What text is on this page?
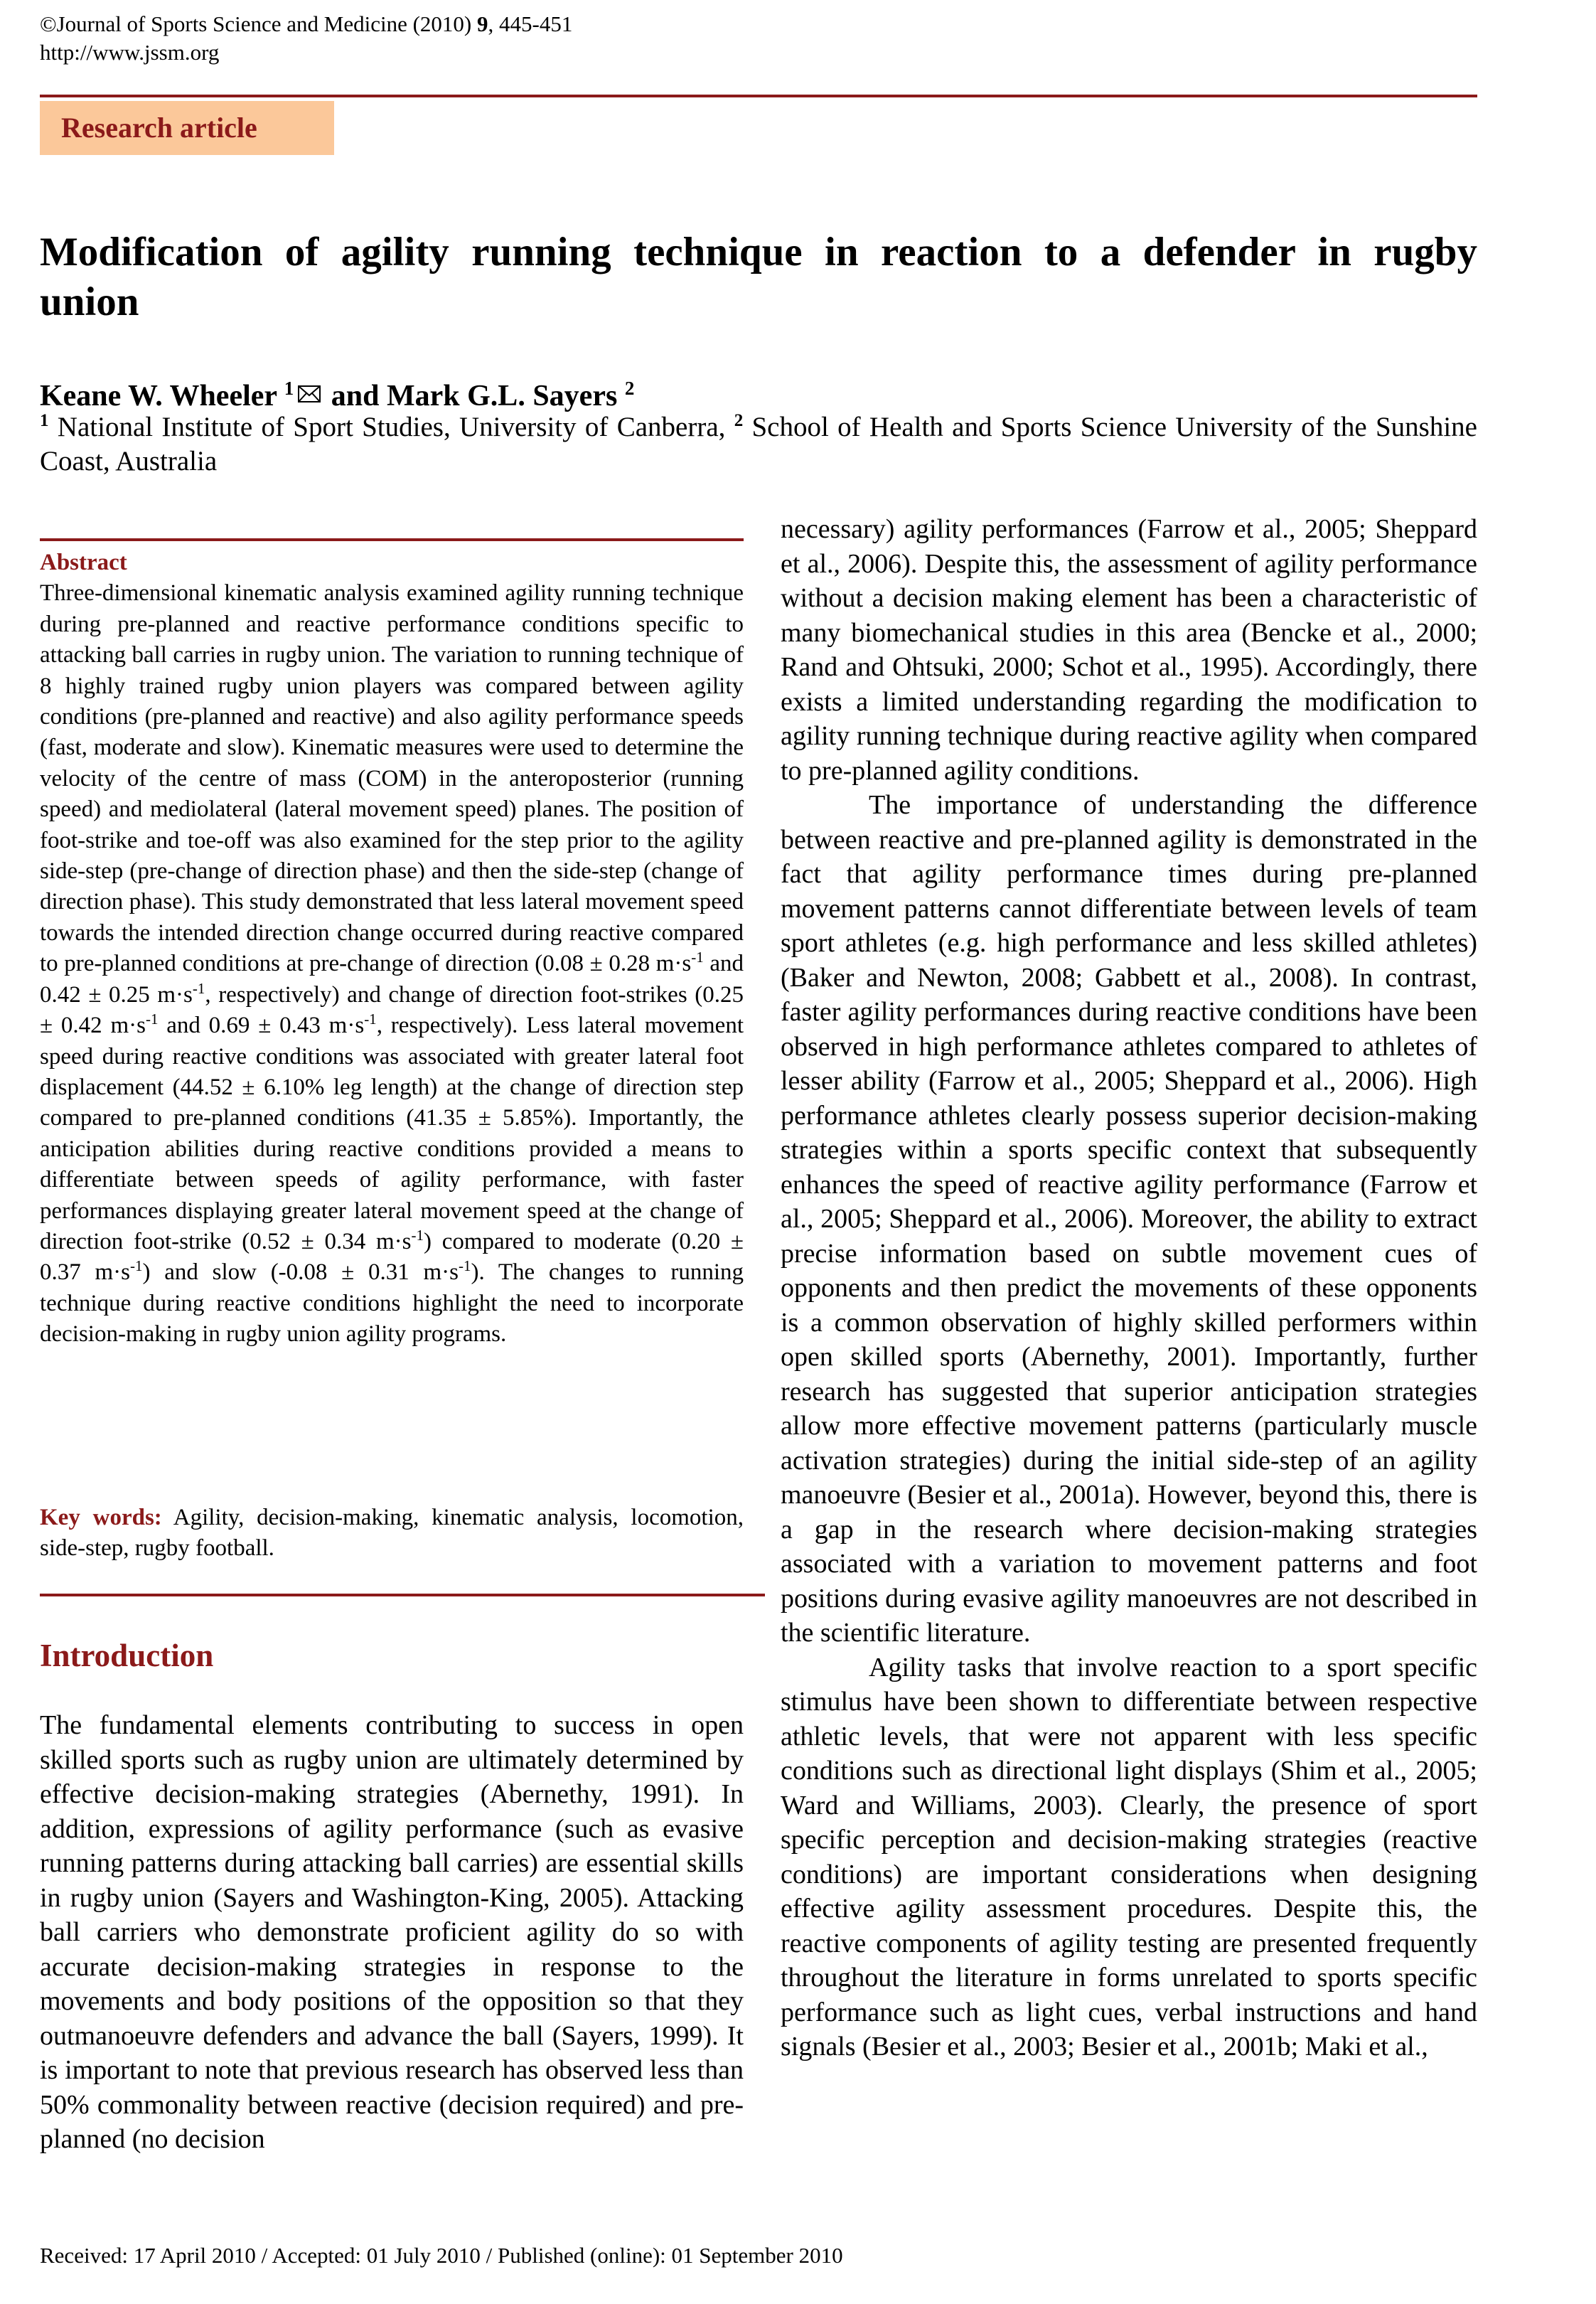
©Journal of Sports Science and Medicine (2010) 9, 445-451
http://www.jssm.org
Research article
Modification of agility running technique in reaction to a defender in rugby union
Keane W. Wheeler $^1$ and Mark G.L. Sayers $^2$
$^1$ National Institute of Sport Studies, University of Canberra, $^2$ School of Health and Sports Science University of the Sunshine Coast, Australia
Abstract
Three-dimensional kinematic analysis examined agility running technique during pre-planned and reactive performance conditions specific to attacking ball carries in rugby union. The variation to running technique of 8 highly trained rugby union players was compared between agility conditions (pre-planned and reactive) and also agility performance speeds (fast, moderate and slow). Kinematic measures were used to determine the velocity of the centre of mass (COM) in the anteroposterior (running speed) and mediolateral (lateral movement speed) planes. The position of foot-strike and toe-off was also examined for the step prior to the agility side-step (pre-change of direction phase) and then the side-step (change of direction phase). This study demonstrated that less lateral movement speed towards the intended direction change occurred during reactive compared to pre-planned conditions at pre-change of direction (0.08 ± 0.28 $m\cdot s^{-1}$ and 0.42 ± 0.25 $m\cdot s^{-1}$, respectively) and change of direction foot-strikes (0.25 ± 0.42 $m\cdot s^{-1}$ and 0.69 ± 0.43 $m\cdot s^{-1}$, respectively). Less lateral movement speed during reactive conditions was associated with greater lateral foot displacement (44.52 ± 6.10% leg length) at the change of direction step compared to pre-planned conditions (41.35 ± 5.85%). Importantly, the anticipation abilities during reactive conditions provided a means to differentiate between speeds of agility performance, with faster performances displaying greater lateral movement speed at the change of direction foot-strike (0.52 ± 0.34 $m\cdot s^{-1}$) compared to moderate (0.20 ± 0.37 $m\cdot s^{-1}$) and slow (-0.08 ± 0.31 $m\cdot s^{-1}$). The changes to running technique during reactive conditions highlight the need to incorporate decision-making in rugby union agility programs.
Key words: Agility, decision-making, kinematic analysis, locomotion, side-step, rugby football.
Introduction
The fundamental elements contributing to success in open skilled sports such as rugby union are ultimately determined by effective decision-making strategies (Abernethy, 1991). In addition, expressions of agility performance (such as evasive running patterns during attacking ball carries) are essential skills in rugby union (Sayers and Washington-King, 2005). Attacking ball carriers who demonstrate proficient agility do so with accurate decision-making strategies in response to the movements and body positions of the opposition so that they outmanoeuvre defenders and advance the ball (Sayers, 1999). It is important to note that previous research has observed less than 50% commonality between reactive (decision required) and pre-planned (no decision

necessary) agility performances (Farrow et al., 2005; Sheppard et al., 2006). Despite this, the assessment of agility performance without a decision making element has been a characteristic of many biomechanical studies in this area (Bencke et al., 2000; Rand and Ohtsuki, 2000; Schot et al., 1995). Accordingly, there exists a limited understanding regarding the modification to agility running technique during reactive agility when compared to pre-planned agility conditions.

The importance of understanding the difference between reactive and pre-planned agility is demonstrated in the fact that agility performance times during pre-planned movement patterns cannot differentiate between levels of team sport athletes (e.g. high performance and less skilled athletes) (Baker and Newton, 2008; Gabbett et al., 2008). In contrast, faster agility performances during reactive conditions have been observed in high performance athletes compared to athletes of lesser ability (Farrow et al., 2005; Sheppard et al., 2006). High performance athletes clearly possess superior decision-making strategies within a sports specific context that subsequently enhances the speed of reactive agility performance (Farrow et al., 2005; Sheppard et al., 2006). Moreover, the ability to extract precise information based on subtle movement cues of opponents and then predict the movements of these opponents is a common observation of highly skilled performers within open skilled sports (Abernethy, 2001). Importantly, further research has suggested that superior anticipation strategies allow more effective movement patterns (particularly muscle activation strategies) during the initial side-step of an agility manoeuvre (Besier et al., 2001a). However, beyond this, there is a gap in the research where decision-making strategies associated with a variation to movement patterns and foot positions during evasive agility manoeuvres are not described in the scientific literature.

Agility tasks that involve reaction to a sport specific stimulus have been shown to differentiate between respective athletic levels, that were not apparent with less specific conditions such as directional light displays (Shim et al., 2005; Ward and Williams, 2003). Clearly, the presence of sport specific perception and decision-making strategies (reactive conditions) are important considerations when designing effective agility assessment procedures. Despite this, the reactive components of agility testing are presented frequently throughout the literature in forms unrelated to sports specific performance such as light cues, verbal instructions and hand signals (Besier et al., 2003; Besier et al., 2001b; Maki et al.,

Received: 17 April 2010 / Accepted: 01 July 2010 / Published (online): 01 September 2010
